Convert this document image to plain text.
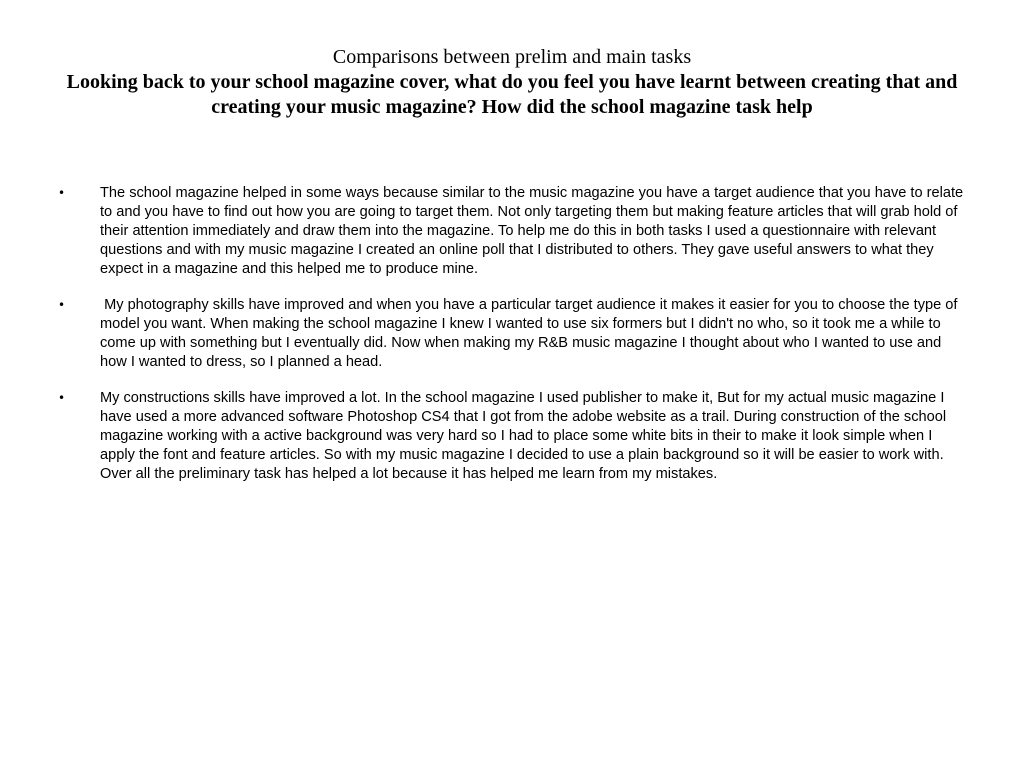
Comparisons between prelim and main tasks
Looking back to your school magazine cover, what do you feel you have learnt between creating that and creating your music magazine? How did the school magazine task help
• The school magazine helped in some ways because similar to the music magazine you have a target audience that you have to relate to and you have to find out how you are going to target them. Not only targeting them but making feature articles that will grab hold of their attention immediately and draw them into the magazine. To help me do this in both tasks I used a questionnaire with relevant questions and with my music magazine I created an online poll that I distributed to others. They gave useful answers to what they expect in a magazine and this helped me to produce mine.
•  My photography skills have improved and when you have a particular target audience it makes it easier for you to choose the type of model you want. When making the school magazine I knew I wanted to use six formers but I didn't no who, so it took me a while to come up with something but I eventually did. Now when making my R&B music magazine I thought about who I wanted to use and how I wanted to dress, so I planned a head.
• My constructions skills have improved a lot. In the school magazine I used publisher to make it, But for my actual music magazine I have used a more advanced software Photoshop CS4 that I got from the adobe website as a trail. During construction of the school magazine working with a active background was very hard so I had to place some white bits in their to make it look simple when I apply the font and feature articles. So with my music magazine I decided to use a plain background so it will be easier to work with. Over all the preliminary task has helped a lot because it has helped me learn from my mistakes.
